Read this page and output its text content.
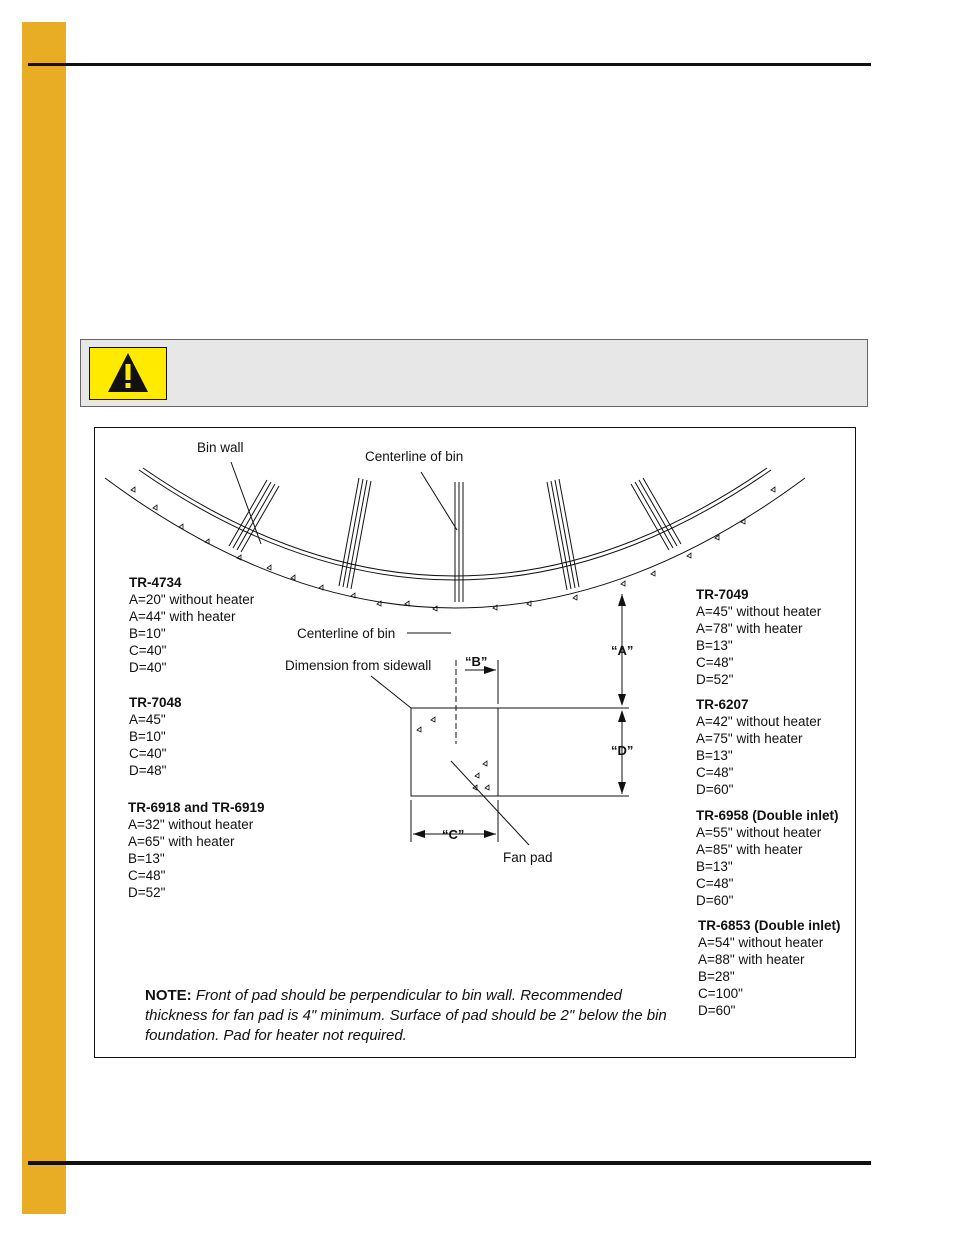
Bin wall
Centerline of bin
Centerline of bin
Dimension from sidewall
Fan pad
“A”
“B”
“C”
“D”
TR-4734
A=20" without heater
A=44" with heater
B=10"
C=40"
D=40"
TR-7048
A=45"
B=10"
C=40"
D=48"
TR-6918 and TR-6919
A=32" without heater
A=65" with heater
B=13"
C=48"
D=52"
TR-7049
A=45" without heater
A=78" with heater
B=13"
C=48"
D=52"
TR-6207
A=42" without heater
A=75" with heater
B=13"
C=48"
D=60"
TR-6958 (Double inlet)
A=55" without heater
A=85" with heater
B=13"
C=48"
D=60"
TR-6853 (Double inlet)
A=54" without heater
A=88" with heater
B=28"
C=100"
D=60"
NOTE: Front of pad should be perpendicular to bin wall. Recommended thickness for fan pad is 4" minimum. Surface of pad should be 2" below the bin foundation. Pad for heater not required.
